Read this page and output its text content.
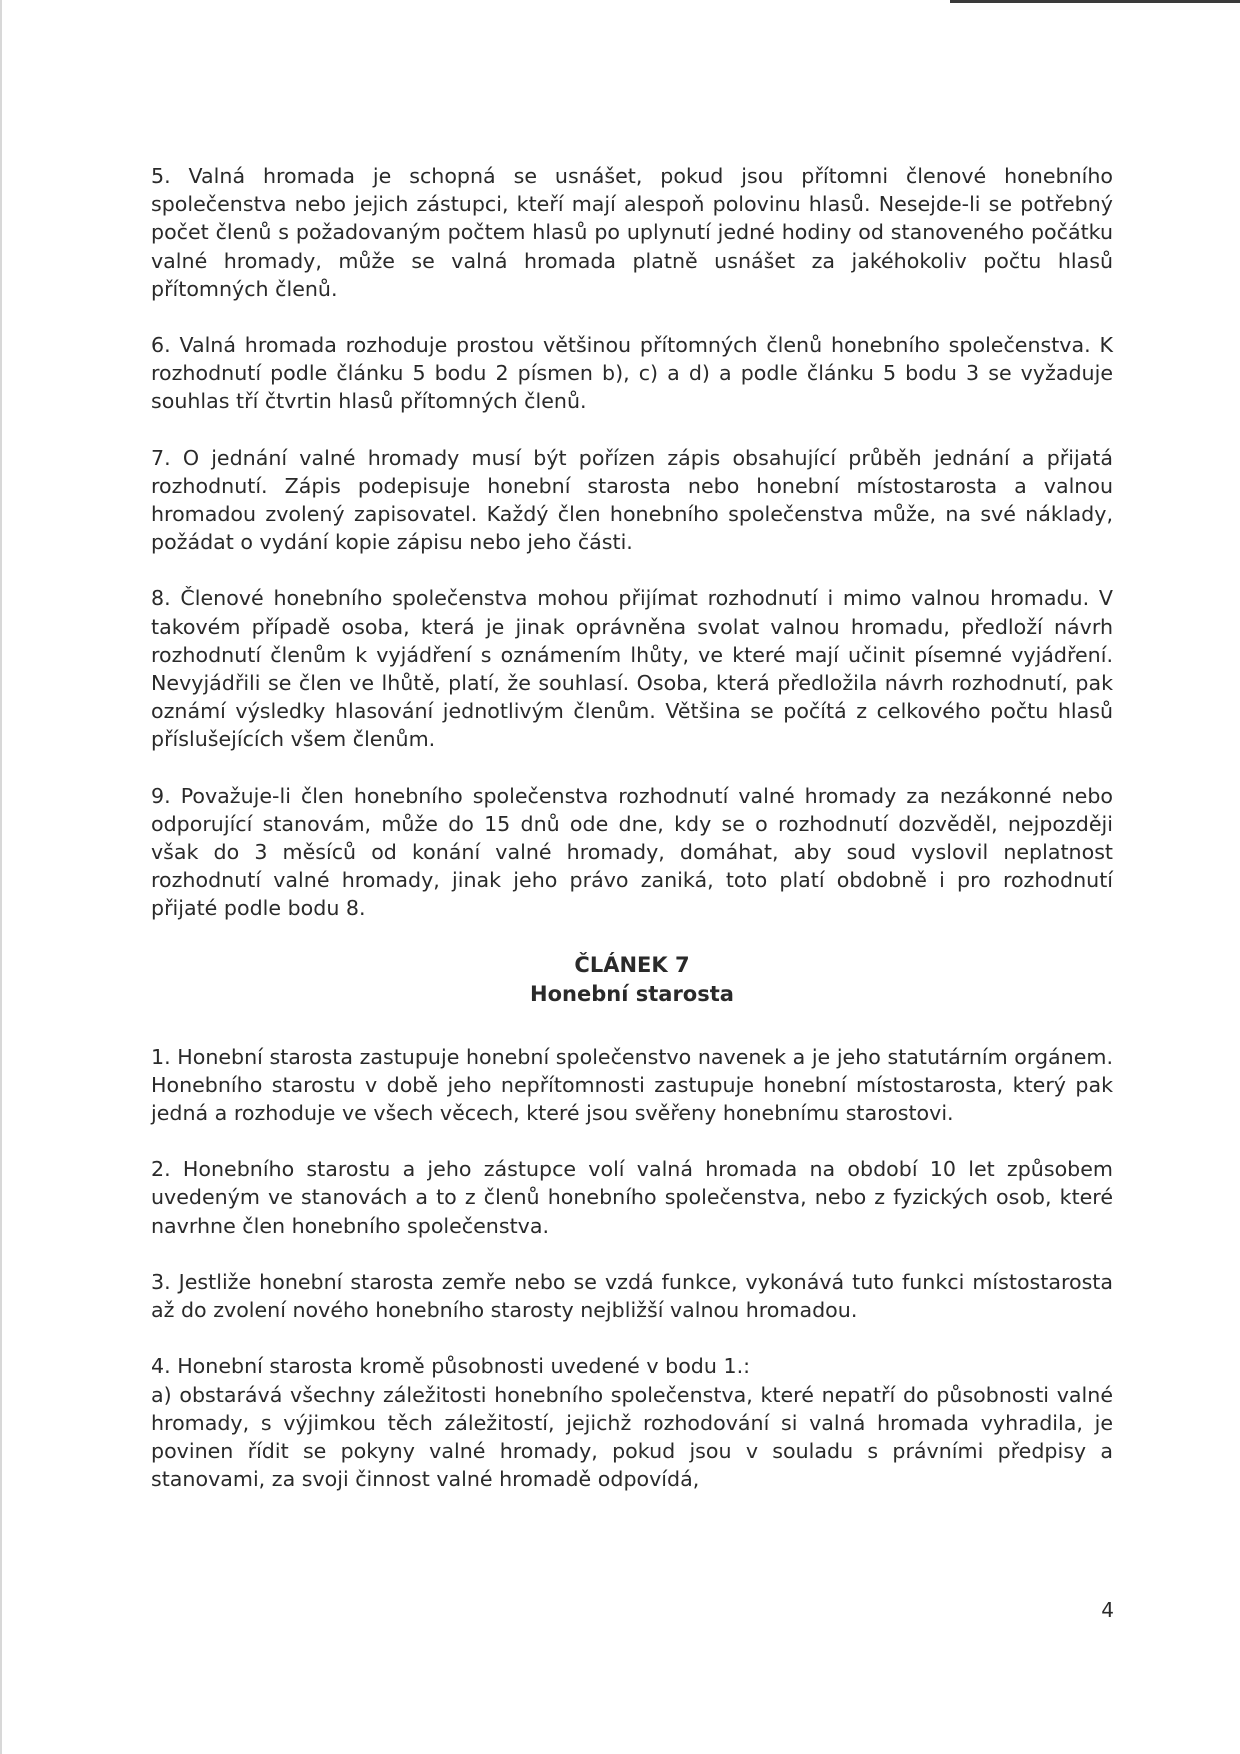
5. Valná hromada je schopná se usnášet, pokud jsou přítomni členové honebního společenstva nebo jejich zástupci, kteří mají alespoň polovinu hlasů. Nesejde-li se potřebný počet členů s požadovaným počtem hlasů po uplynutí jedné hodiny od stanoveného počátku valné hromady, může se valná hromada platně usnášet za jakéhokoliv počtu hlasů přítomných členů.

6. Valná hromada rozhoduje prostou většinou přítomných členů honebního společenstva. K rozhodnutí podle článku 5 bodu 2 písmen b), c) a d) a podle článku 5 bodu 3 se vyžaduje souhlas tří čtvrtin hlasů přítomných členů.

7. O jednání valné hromady musí být pořízen zápis obsahující průběh jednání a přijatá rozhodnutí. Zápis podepisuje honební starosta nebo honební místostarosta a valnou hromadou zvolený zapisovatel. Každý člen honebního společenstva může, na své náklady, požádat o vydání kopie zápisu nebo jeho části.

8. Členové honebního společenstva mohou přijímat rozhodnutí i mimo valnou hromadu. V takovém případě osoba, která je jinak oprávněna svolat valnou hromadu, předloží návrh rozhodnutí členům k vyjádření s oznámením lhůty, ve které mají učinit písemné vyjádření. Nevyjádřili se člen ve lhůtě, platí, že souhlasí. Osoba, která předložila návrh rozhodnutí, pak oznámí výsledky hlasování jednotlivým členům. Většina se počítá z celkového počtu hlasů příslušejících všem členům.

9. Považuje-li člen honebního společenstva rozhodnutí valné hromady za nezákonné nebo odporující stanovám, může do 15 dnů ode dne, kdy se o rozhodnutí dozvěděl, nejpozději však do 3 měsíců od konání valné hromady, domáhat, aby soud vyslovil neplatnost rozhodnutí valné hromady, jinak jeho právo zaniká, toto platí obdobně i pro rozhodnutí přijaté podle bodu 8.

ČLÁNEK 7
Honební starosta

1. Honební starosta zastupuje honební společenstvo navenek a je jeho statutárním orgánem. Honebního starostu v době jeho nepřítomnosti zastupuje honební místostarosta, který pak jedná a rozhoduje ve všech věcech, které jsou svěřeny honebnímu starostovi.

2. Honebního starostu a jeho zástupce volí valná hromada na období 10 let způsobem uvedeným ve stanovách a to z členů honebního společenstva, nebo z fyzických osob, které navrhne člen honebního společenstva.

3. Jestliže honební starosta zemře nebo se vzdá funkce, vykonává tuto funkci místostarosta až do zvolení nového honebního starosty nejbližší valnou hromadou.

4. Honební starosta kromě působnosti uvedené v bodu 1.:

a) obstarává všechny záležitosti honebního společenstva, které nepatří do působnosti valné hromady, s výjimkou těch záležitostí, jejichž rozhodování si valná hromada vyhradila, je povinen řídit se pokyny valné hromady, pokud jsou v souladu s právními předpisy a stanovami, za svoji činnost valné hromadě odpovídá,

4
